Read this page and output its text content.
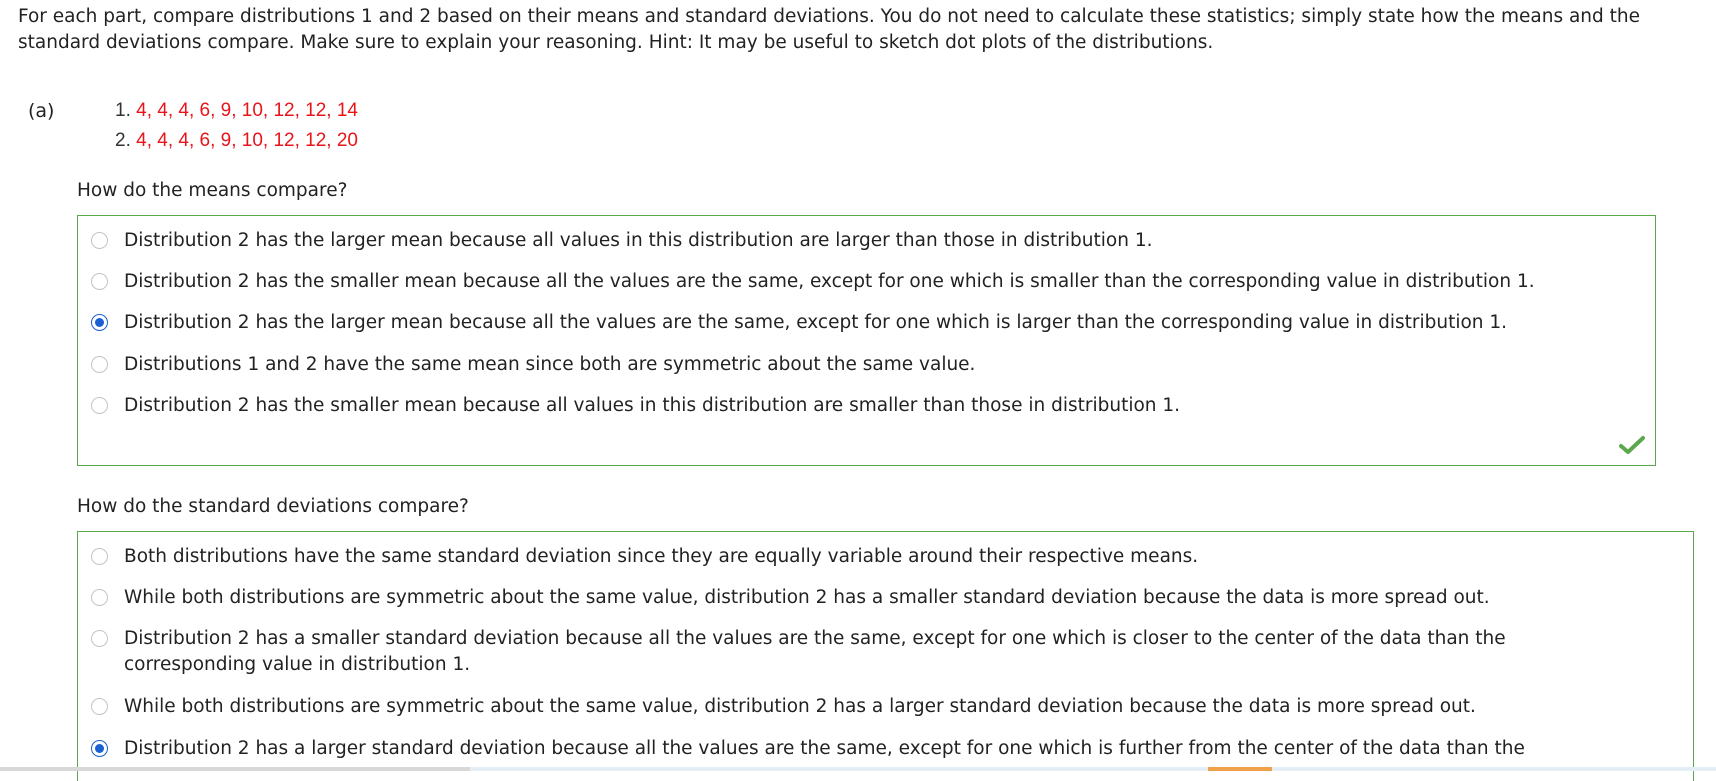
For each part, compare distributions 1 and 2 based on their means and standard deviations. You do not need to calculate these statistics; simply state how the means and the standard deviations compare. Make sure to explain your reasoning. Hint: It may be useful to sketch dot plots of the distributions.

(a)	1. 4, 4, 4, 6, 9, 10, 12, 12, 14
2. 4, 4, 4, 6, 9, 10, 12, 12, 20
How do the means compare?
Distribution 2 has the larger mean because all values in this distribution are larger than those in distribution 1.
Distribution 2 has the smaller mean because all the values are the same, except for one which is smaller than the corresponding value in distribution 1.
Distribution 2 has the larger mean because all the values are the same, except for one which is larger than the corresponding value in distribution 1.
Distributions 1 and 2 have the same mean since both are symmetric about the same value.
Distribution 2 has the smaller mean because all values in this distribution are smaller than those in distribution 1.
How do the standard deviations compare?
Both distributions have the same standard deviation since they are equally variable around their respective means.
While both distributions are symmetric about the same value, distribution 2 has a smaller standard deviation because the data is more spread out.
Distribution 2 has a smaller standard deviation because all the values are the same, except for one which is closer to the center of the data than the corresponding value in distribution 1.
While both distributions are symmetric about the same value, distribution 2 has a larger standard deviation because the data is more spread out.
Distribution 2 has a larger standard deviation because all the values are the same, except for one which is further from the center of the data than the
